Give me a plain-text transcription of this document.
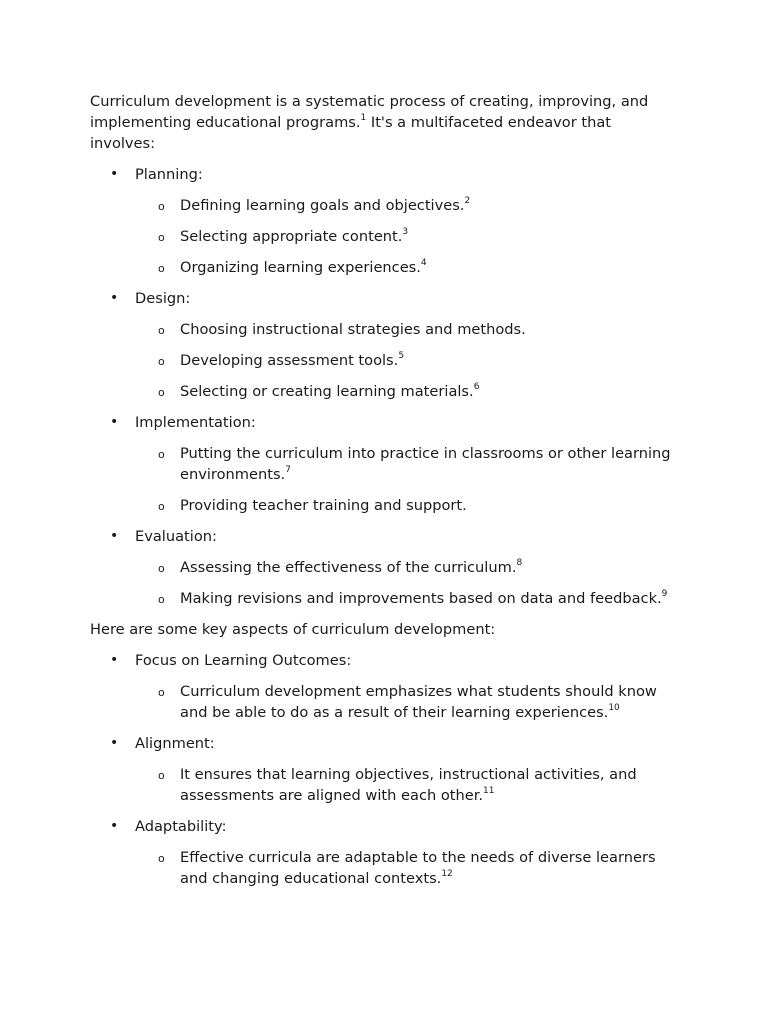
Curriculum development is a systematic process of creating, improving, and implementing educational programs.$^1$ It's a multifaceted endeavor that involves:

• Planning:
o Defining learning goals and objectives.$^2$
o Selecting appropriate content.$^3$
o Organizing learning experiences.$^4$
• Design:
o Choosing instructional strategies and methods.
o Developing assessment tools.$^5$
o Selecting or creating learning materials.$^6$
• Implementation:
o Putting the curriculum into practice in classrooms or other learning environments.$^7$
o Providing teacher training and support.
• Evaluation:
o Assessing the effectiveness of the curriculum.$^8$
o Making revisions and improvements based on data and feedback.$^9$

Here are some key aspects of curriculum development:

• Focus on Learning Outcomes:
o Curriculum development emphasizes what students should know and be able to do as a result of their learning experiences.$^{10}$
• Alignment:
o It ensures that learning objectives, instructional activities, and assessments are aligned with each other.$^{11}$
• Adaptability:
o Effective curricula are adaptable to the needs of diverse learners and changing educational contexts.$^{12}$
